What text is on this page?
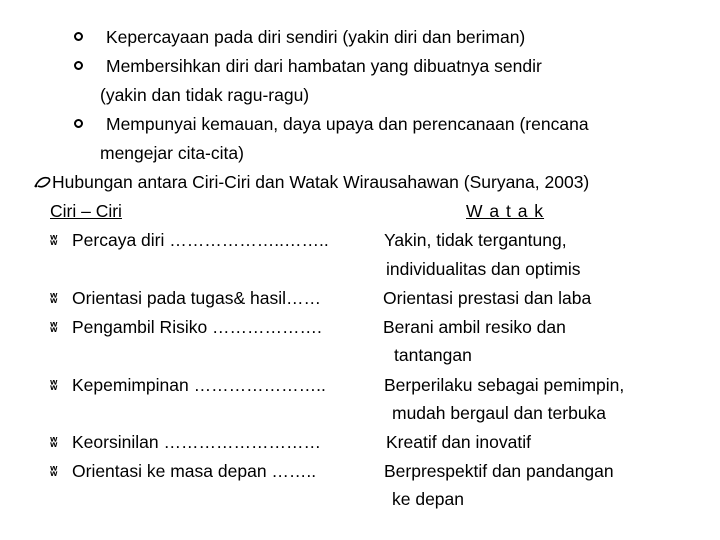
Kepercayaan pada diri sendiri (yakin diri dan beriman)
Membersihkan diri dari hambatan yang dibuatnya sendir
(yakin dan tidak ragu-ragu)
Mempunyai kemauan, daya upaya dan perencanaan (rencana
mengejar cita-cita)
Hubungan antara Ciri-Ciri dan Watak Wirausahawan (Suryana, 2003)
Ciri – Ciri	W a t a k
ʬ Percaya diri ………………..……..	Yakin, tidak tergantung,
individualitas dan optimis
ʬ Orientasi pada tugas& hasil……	Orientasi prestasi dan laba
ʬ Pengambil Risiko ……………….	Berani ambil resiko dan
tantangan
ʬ Kepemimpinan …………………..	Berperilaku sebagai pemimpin,
mudah bergaul dan terbuka
ʬ Keorsinilan ………………………	Kreatif dan inovatif
ʬ Orientasi ke masa depan ……..	Berprespektif dan pandangan
ke depan
